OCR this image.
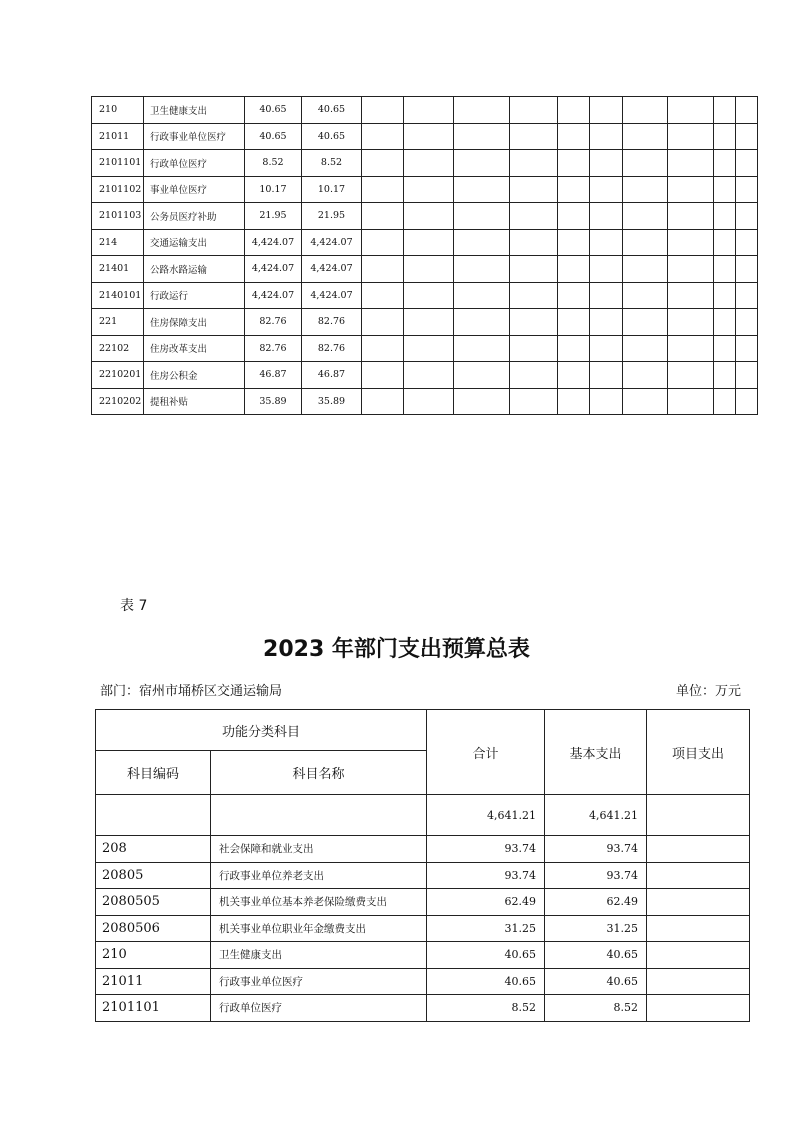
210	卫生健康支出	40.65	40.65										
21011	行政事业单位医疗	40.65	40.65										
2101101	行政单位医疗	8.52	8.52										
2101102	事业单位医疗	10.17	10.17										
2101103	公务员医疗补助	21.95	21.95										
214	交通运输支出	4,424.07	4,424.07										
21401	公路水路运输	4,424.07	4,424.07										
2140101	行政运行	4,424.07	4,424.07										
221	住房保障支出	82.76	82.76										
22102	住房改革支出	82.76	82.76										
2210201	住房公积金	46.87	46.87										
2210202	提租补贴	35.89	35.89										
表 7
2023 年部门支出预算总表
部门：宿州市埇桥区交通运输局	单位：万元
功能分类科目		合计	基本支出	项目支出
科目编码	科目名称			
		4,641.21	4,641.21	
208	社会保障和就业支出	93.74	93.74	
20805	行政事业单位养老支出	93.74	93.74	
2080505	机关事业单位基本养老保险缴费支出	62.49	62.49	
2080506	机关事业单位职业年金缴费支出	31.25	31.25	
210	卫生健康支出	40.65	40.65	
21011	行政事业单位医疗	40.65	40.65	
2101101	行政单位医疗	8.52	8.52	
